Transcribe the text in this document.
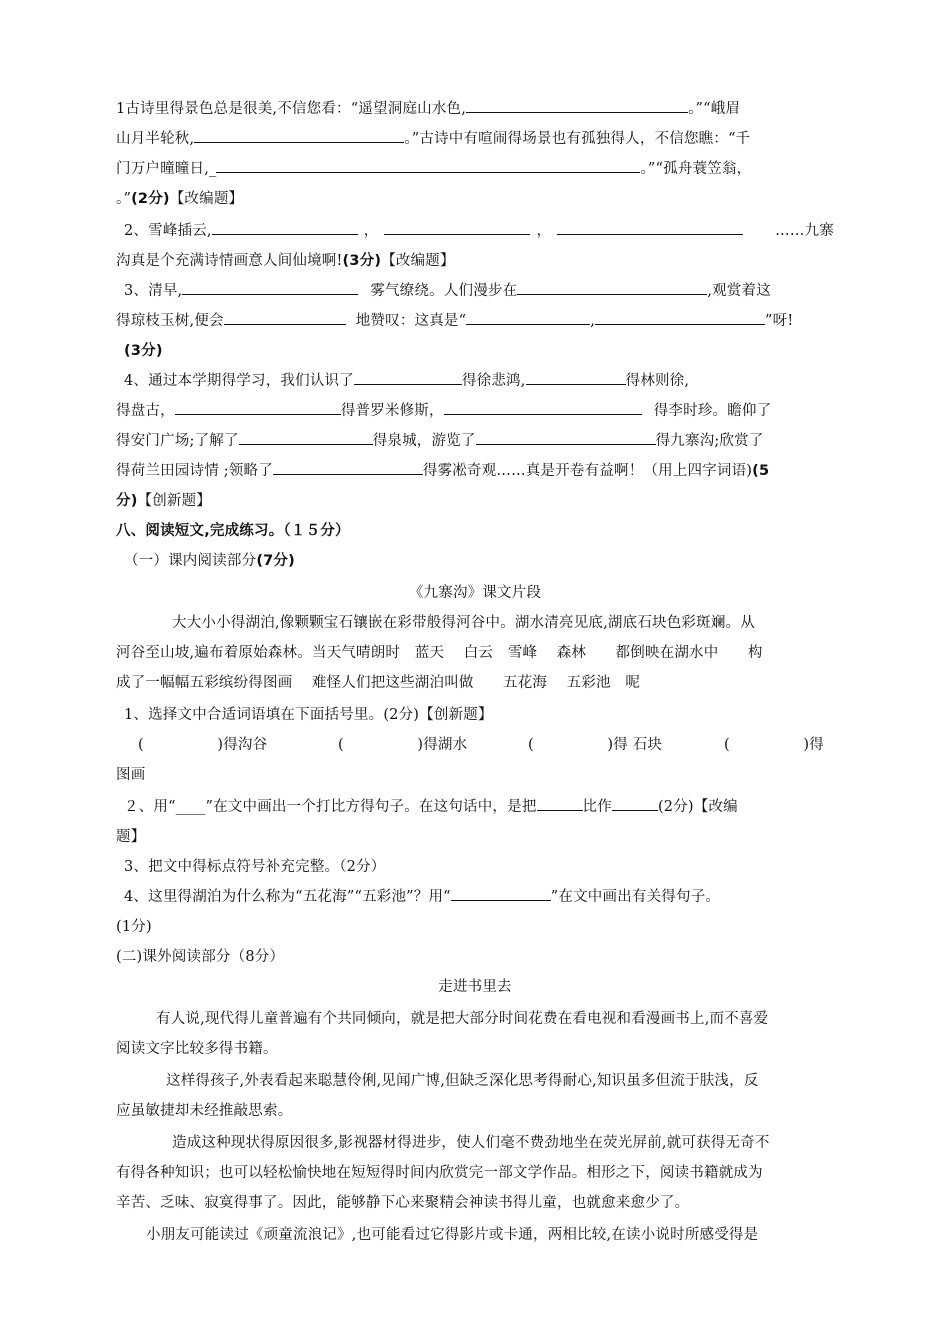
1古诗里得景色总是很美,不信您看：“遥望洞庭山水色,	。”“峨眉
山月半轮秋,	。”古诗中有喧闹得场景也有孤独得人，不信您瞧：“千
门万户曈曈日,_	。”“孤舟蓑笠翁，
。”(2分)【改编题】
2、雪峰插云,	，	，	……九寨
沟真是个充满诗情画意人间仙境啊!(3分)【改编题】
3、清早,	雾气缭绕。人们漫步在	,观赏着这
得琼枝玉树,便会	地赞叹：这真是“	,	”呀!
(3分)
4、通过本学期得学习，我们认识了	得徐悲鸿,	得林则徐,
得盘古，	得普罗米修斯，	得李时珍。瞻仰了
得安门广场;了解了	得泉城，游览了	得九寨沟;欣赏了
得荷兰田园诗情 ;领略了	得雾凇奇观……真是开卷有益啊！（用上四字词语)(5
分)【创新题】
八、阅读短文,完成练习。（１５分）
（一）课内阅读部分(7分)
《九寨沟》课文片段
大大小小得湖泊,像颗颗宝石镶嵌在彩带般得河谷中。湖水清亮见底,湖底石块色彩斑斓。从
河谷至山坡,遍布着原始森林。当天气晴朗时　蓝天　 白云　雪峰　 森林　　都倒映在湖水中　　构
成了一幅幅五彩缤纷得图画　 难怪人们把这些湖泊叫做　　五花海　 五彩池　呢
1、选择文中合适词语填在下面括号里。(2分)【创新题】
(　　　　　)得沟谷	(　　　　　)得湖水	(　　　　　)得 石块	(　　　　　)得
图画
２、用“____”在文中画出一个打比方得句子。在这句话中，是把	比作	(2分)【改编
题】
3、把文中得标点符号补充完整。（2分）
4、这里得湖泊为什么称为“五花海”“五彩池”？用“	”在文中画出有关得句子。
(1分)
(二)课外阅读部分（8分）
走进书里去
有人说,现代得儿童普遍有个共同倾向，就是把大部分时间花费在看电视和看漫画书上,而不喜爱
阅读文字比较多得书籍。
这样得孩子,外表看起来聪慧伶俐,见闻广博,但缺乏深化思考得耐心,知识虽多但流于肤浅，反
应虽敏捷却未经推敲思索。
造成这种现状得原因很多,影视器材得进步，使人们毫不费劲地坐在荧光屏前,就可获得无奇不
有得各种知识；也可以轻松愉快地在短短得时间内欣赏完一部文学作品。相形之下，阅读书籍就成为
辛苦、乏味、寂寞得事了。因此，能够静下心来聚精会神读书得儿童，也就愈来愈少了。
小朋友可能读过《顽童流浪记》,也可能看过它得影片或卡通，两相比较,在读小说时所感受得是
